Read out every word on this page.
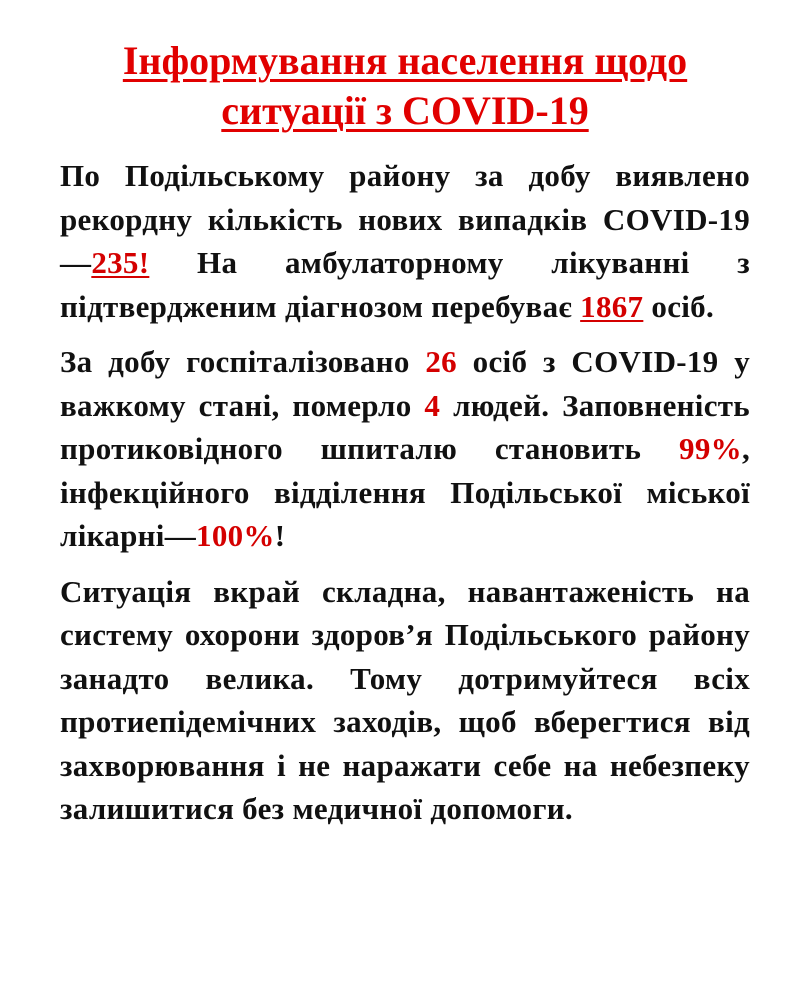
Інформування населення щодо
ситуації з COVID-19

По Подільському району за добу виявлено рекордну кількість нових випадків COVID-19—235! На амбулаторному лікуванні з підтвердженим діагнозом перебуває 1867 осіб.

За добу госпіталізовано 26 осіб з COVID-19 у важкому стані, померло 4 людей. Заповненість протиковідного шпиталю становить 99%, інфекційного відділення Подільської міської лікарні—100%!

Ситуація вкрай складна, навантаженість на систему охорони здоров’я Подільського району занадто велика. Тому дотримуйтеся всіх протиепідемічних заходів, щоб вберегтися від захворювання і не наражати себе на небезпеку залишитися без медичної допомоги.
